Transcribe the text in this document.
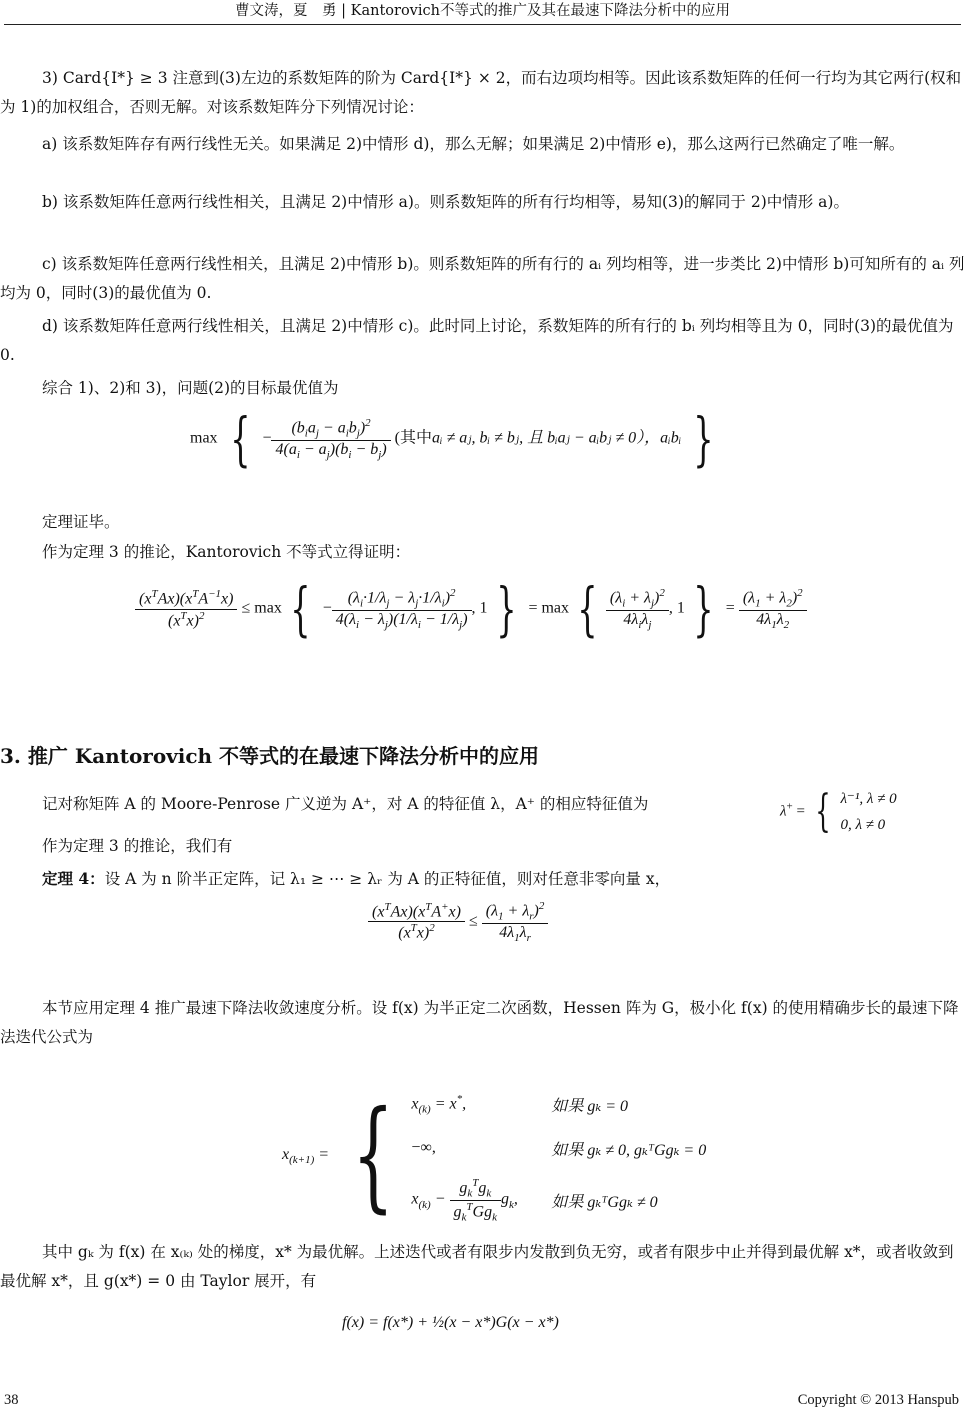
曹文涛，夏　勇 | Kantorovich不等式的推广及其在最速下降法分析中的应用
3) Card{I*} ≥ 3 注意到(3)左边的系数矩阵的阶为 Card{I*} × 2，而右边项均相等。因此该系数矩阵的任何一行均为其它两行(权和为 1)的加权组合，否则无解。对该系数矩阵分下列情况讨论：
a) 该系数矩阵存有两行线性无关。如果满足 2)中情形 d)，那么无解；如果满足 2)中情形 e)，那么这两行已然确定了唯一解。
b) 该系数矩阵任意两行线性相关，且满足 2)中情形 a)。则系数矩阵的所有行均相等，易知(3)的解同于 2)中情形 a)。
c) 该系数矩阵任意两行线性相关，且满足 2)中情形 b)。则系数矩阵的所有行的 aᵢ 列均相等，进一步类比 2)中情形 b)可知所有的 aᵢ 列均为 0，同时(3)的最优值为 0.
d) 该系数矩阵任意两行线性相关，且满足 2)中情形 c)。此时同上讨论，系数矩阵的所有行的 bᵢ 列均相等且为 0，同时(3)的最优值为 0.
综合 1)、2)和 3)，问题(2)的目标最优值为
max { − $\frac{(b_ia_j - a_ib_j)^2}{4(a_i - a_j)(b_i - b_j)}$ (其中aᵢ ≠ aⱼ, bᵢ ≠ bⱼ, 且 bᵢaⱼ − aᵢbⱼ ≠ 0），aᵢbᵢ }
定理证毕。
作为定理 3 的推论，Kantorovich 不等式立得证明：
$\frac{(x^TAx)(x^TA^{-1}x)}{(x^Tx)^2} \le \max$ { − $\frac{(\lambda_i\cdot 1/\lambda_j - \lambda_j\cdot 1/\lambda_i)^2}{4(\lambda_i - \lambda_j)(1/\lambda_i - 1/\lambda_j)}$ , 1 } = max { $\frac{(\lambda_i + \lambda_j)^2}{4\lambda_i\lambda_j}$ , 1 } = $\frac{(\lambda_1 + \lambda_2)^2}{4\lambda_1\lambda_2}$
3. 推广 Kantorovich 不等式的在最速下降法分析中的应用
记对称矩阵 A 的 Moore-Penrose 广义逆为 A⁺，对 A 的特征值 λ，A⁺ 的相应特征值为	λ+ = { λ⁻¹, λ ≠ 0
0, λ ≠ 0
作为定理 3 的推论，我们有
定理 4：设 A 为 n 阶半正定阵，记 λ₁ ≥ ⋯ ≥ λᵣ 为 A 的正特征值，则对任意非零向量 x，
$\frac{(x^TAx)(x^TA^+x)}{(x^Tx)^2} \le \frac{(\lambda_1 + \lambda_r)^2}{4\lambda_1\lambda_r}$
本节应用定理 4 推广最速下降法收敛速度分析。设 f(x) 为半正定二次函数，Hessen 阵为 G，极小化 f(x) 的使用精确步长的最速下降法迭代公式为
$x_{(k+1)}$ = { $x_{(k)} = x^*$,	如果 gₖ = 0
−∞,	如果 gₖ ≠ 0, gₖᵀGgₖ = 0
$x_{(k)} - \frac{g_k^Tg_k}{g_k^TGg_k} g_k$,	如果 gₖᵀGgₖ ≠ 0
其中 gₖ 为 f(x) 在 x₍ₖ₎ 处的梯度，x* 为最优解。上述迭代或者有限步内发散到负无穷，或者有限步中止并得到最优解 x*，或者收敛到最优解 x*，且 g(x*) = 0 由 Taylor 展开，有
f(x) = f(x*) + ½(x − x*)G(x − x*)
38	Copyright © 2013 Hanspub
